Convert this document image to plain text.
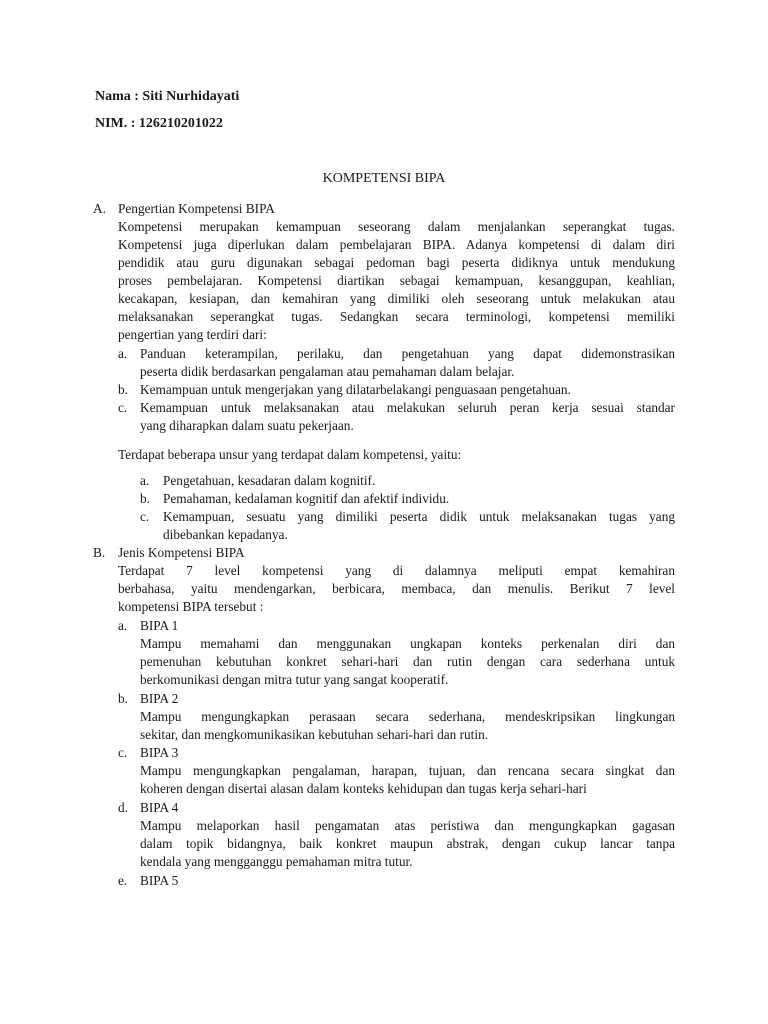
Nama : Siti Nurhidayati
NIM. : 126210201022
KOMPETENSI BIPA
A. Pengertian Kompetensi BIPA
Kompetensi merupakan kemampuan seseorang dalam menjalankan seperangkat tugas.
Kompetensi juga diperlukan dalam pembelajaran BIPA. Adanya kompetensi di dalam diri
pendidik atau guru digunakan sebagai pedoman bagi peserta didiknya untuk mendukung
proses pembelajaran. Kompetensi diartikan sebagai kemampuan, kesanggupan, keahlian,
kecakapan, kesiapan, dan kemahiran yang dimiliki oleh seseorang untuk melakukan atau
melaksanakan seperangkat tugas. Sedangkan secara terminologi, kompetensi memiliki
pengertian yang terdiri dari:
a. Panduan keterampilan, perilaku, dan pengetahuan yang dapat didemonstrasikan
peserta didik berdasarkan pengalaman atau pemahaman dalam belajar.
b. Kemampuan untuk mengerjakan yang dilatarbelakangi penguasaan pengetahuan.
c. Kemampuan untuk melaksanakan atau melakukan seluruh peran kerja sesuai standar
yang diharapkan dalam suatu pekerjaan.
Terdapat beberapa unsur yang terdapat dalam kompetensi, yaitu:
a. Pengetahuan, kesadaran dalam kognitif.
b. Pemahaman, kedalaman kognitif dan afektif individu.
c. Kemampuan, sesuatu yang dimiliki peserta didik untuk melaksanakan tugas yang
dibebankan kepadanya.
B. Jenis Kompetensi BIPA
Terdapat 7 level kompetensi yang di dalamnya meliputi empat kemahiran
berbahasa, yaitu mendengarkan, berbicara, membaca, dan menulis. Berikut 7 level
kompetensi BIPA tersebut :
a. BIPA 1
Mampu memahami dan menggunakan ungkapan konteks perkenalan diri dan
pemenuhan kebutuhan konkret sehari-hari dan rutin dengan cara sederhana untuk
berkomunikasi dengan mitra tutur yang sangat kooperatif.
b. BIPA 2
Mampu mengungkapkan perasaan secara sederhana, mendeskripsikan lingkungan
sekitar, dan mengkomunikasikan kebutuhan sehari-hari dan rutin.
c. BIPA 3
Mampu mengungkapkan pengalaman, harapan, tujuan, dan rencana secara singkat dan
koheren dengan disertai alasan dalam konteks kehidupan dan tugas kerja sehari-hari
d. BIPA 4
Mampu melaporkan hasil pengamatan atas peristiwa dan mengungkapkan gagasan
dalam topik bidangnya, baik konkret maupun abstrak, dengan cukup lancar tanpa
kendala yang mengganggu pemahaman mitra tutur.
e. BIPA 5
